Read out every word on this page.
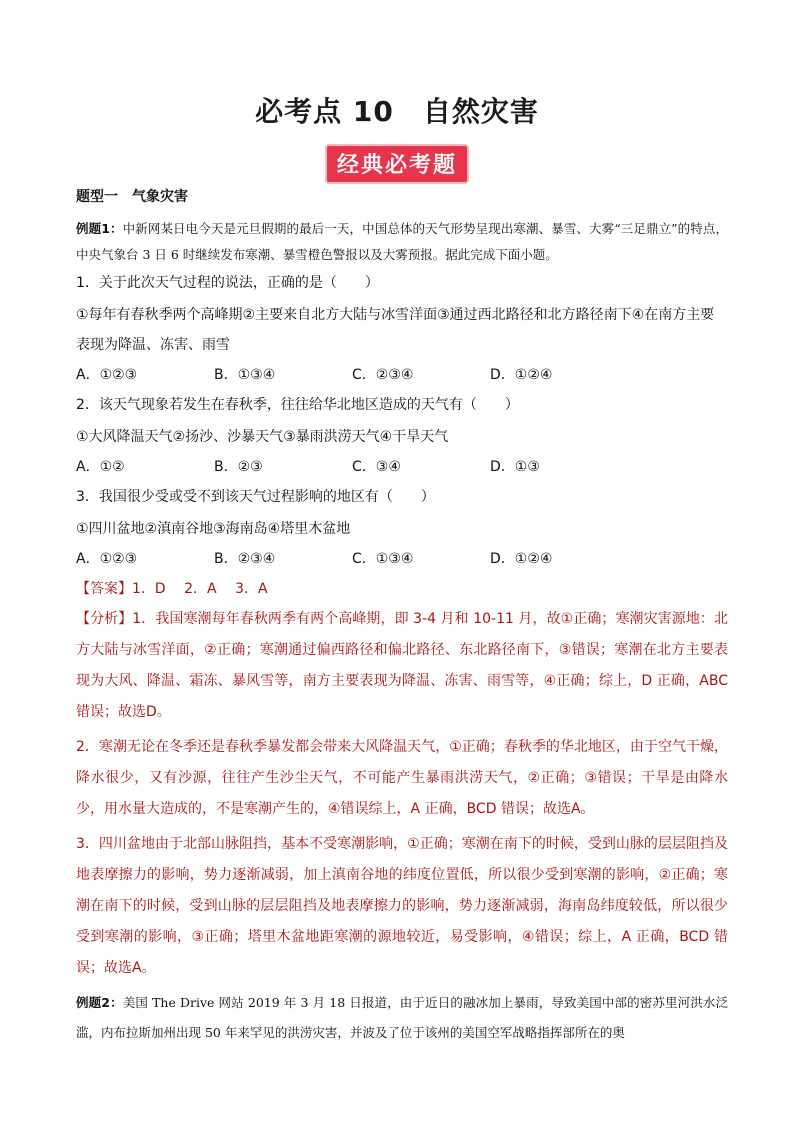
必考点 10　自然灾害
经典必考题
题型一　气象灾害

例题1：中新网某日电今天是元旦假期的最后一天，中国总体的天气形势呈现出寒潮、暴雪、大雾“三足鼎立”的特点，中央气象台 3 日 6 时继续发布寒潮、暴雪橙色警报以及大雾预报。据此完成下面小题。

1．关于此次天气过程的说法，正确的是（　　）
①每年有春秋季两个高峰期②主要来自北方大陆与冰雪洋面③通过西北路径和北方路径南下④在南方主要表现为降温、冻害、雨雪
A．①②③	B．①③④	C．②③④	D．①②④
2．该天气现象若发生在春秋季，往往给华北地区造成的天气有（　　）
①大风降温天气②扬沙、沙暴天气③暴雨洪涝天气④干旱天气
A．①②	B．②③	C．③④	D．①③
3．我国很少受或受不到该天气过程影响的地区有（　　）
①四川盆地②滇南谷地③海南岛④塔里木盆地
A．①②③	B．②③④	C．①③④	D．①②④
【答案】1．D　 2．A　 3．A

【分析】1．我国寒潮每年春秋两季有两个高峰期，即 3-4 月和 10-11 月，故①正确；寒潮灾害源地：北方大陆与冰雪洋面，②正确；寒潮通过偏西路径和偏北路径、东北路径南下，③错误；寒潮在北方主要表现为大风、降温、霜冻、暴风雪等，南方主要表现为降温、冻害、雨雪等，④正确；综上，D 正确，ABC 错误；故选D。

2．寒潮无论在冬季还是春秋季暴发都会带来大风降温天气，①正确；春秋季的华北地区，由于空气干燥，降水很少，又有沙源，往往产生沙尘天气，不可能产生暴雨洪涝天气，②正确；③错误；干旱是由降水少，用水量大造成的，不是寒潮产生的，④错误综上，A 正确，BCD 错误；故选A。

3．四川盆地由于北部山脉阻挡，基本不受寒潮影响，①正确；寒潮在南下的时候，受到山脉的层层阻挡及地表摩擦力的影响，势力逐渐减弱，加上滇南谷地的纬度位置低，所以很少受到寒潮的影响，②正确；寒潮在南下的时候，受到山脉的层层阻挡及地表摩擦力的影响，势力逐渐减弱，海南岛纬度较低，所以很少受到寒潮的影响，③正确；塔里木盆地距寒潮的源地较近，易受影响，④错误；综上，A 正确，BCD 错误；故选A。

例题2：美国 The Drive 网站 2019 年 3 月 18 日报道，由于近日的融冰加上暴雨，导致美国中部的密苏里河洪水泛滥，内布拉斯加州出现 50 年来罕见的洪涝灾害，并波及了位于该州的美国空军战略指挥部所在的奥
